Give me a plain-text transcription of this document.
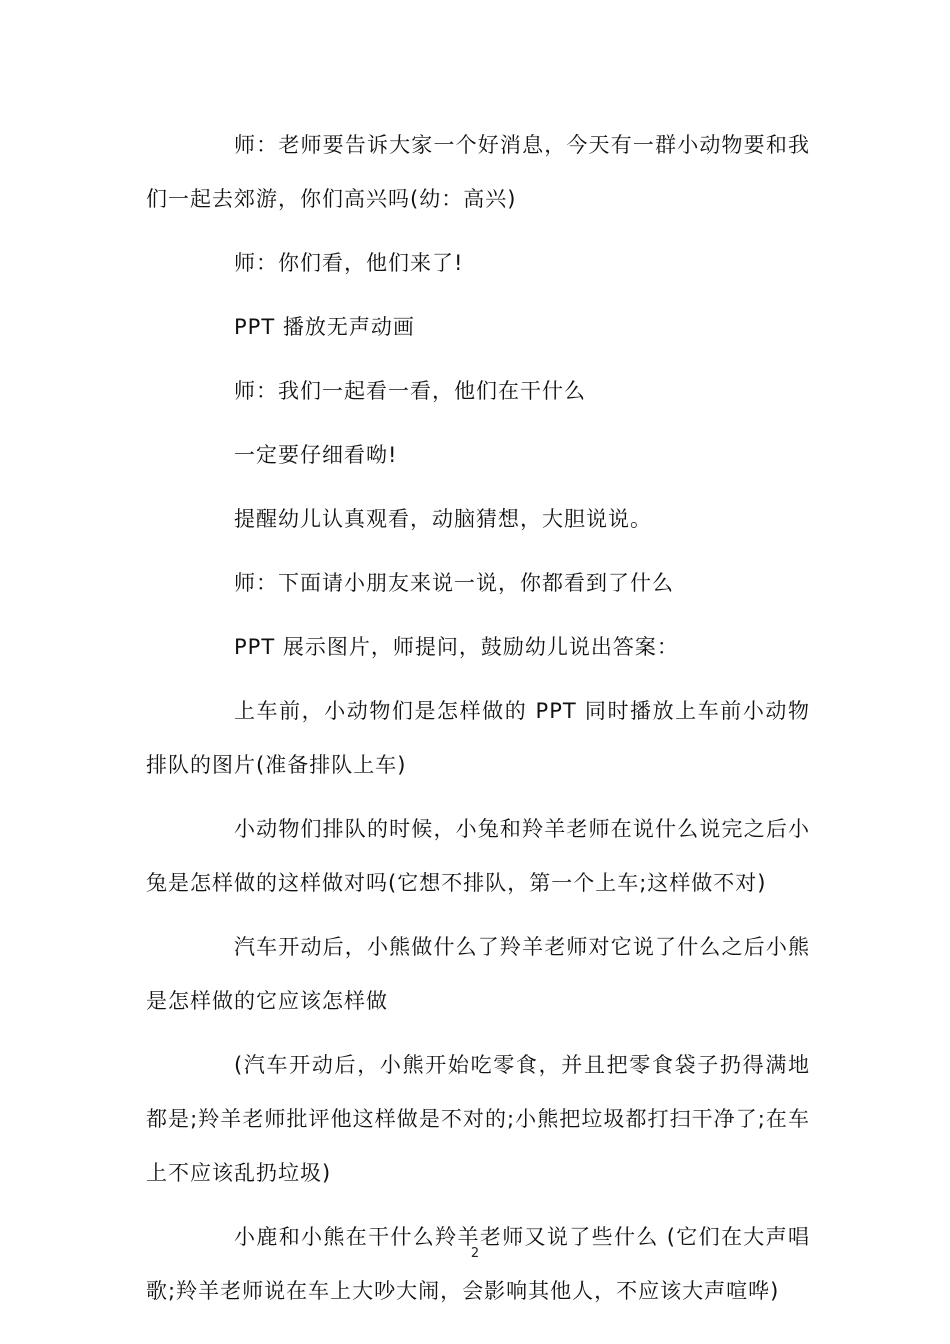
师：老师要告诉大家一个好消息，今天有一群小动物要和我们一起去郊游，你们高兴吗(幼：高兴)

师：你们看，他们来了!

PPT 播放无声动画

师：我们一起看一看，他们在干什么

一定要仔细看呦!

提醒幼儿认真观看，动脑猜想，大胆说说。

师：下面请小朋友来说一说，你都看到了什么

PPT 展示图片，师提问，鼓励幼儿说出答案：

上车前，小动物们是怎样做的 PPT 同时播放上车前小动物排队的图片(准备排队上车)

小动物们排队的时候，小兔和羚羊老师在说什么说完之后小兔是怎样做的这样做对吗(它想不排队，第一个上车;这样做不对)

汽车开动后，小熊做什么了羚羊老师对它说了什么之后小熊是怎样做的它应该怎样做

(汽车开动后，小熊开始吃零食，并且把零食袋子扔得满地都是;羚羊老师批评他这样做是不对的;小熊把垃圾都打扫干净了;在车上不应该乱扔垃圾)

小鹿和小熊在干什么羚羊老师又说了些什么 (它们在大声唱歌;羚羊老师说在车上大吵大闹，会影响其他人，不应该大声喧哗)

2
